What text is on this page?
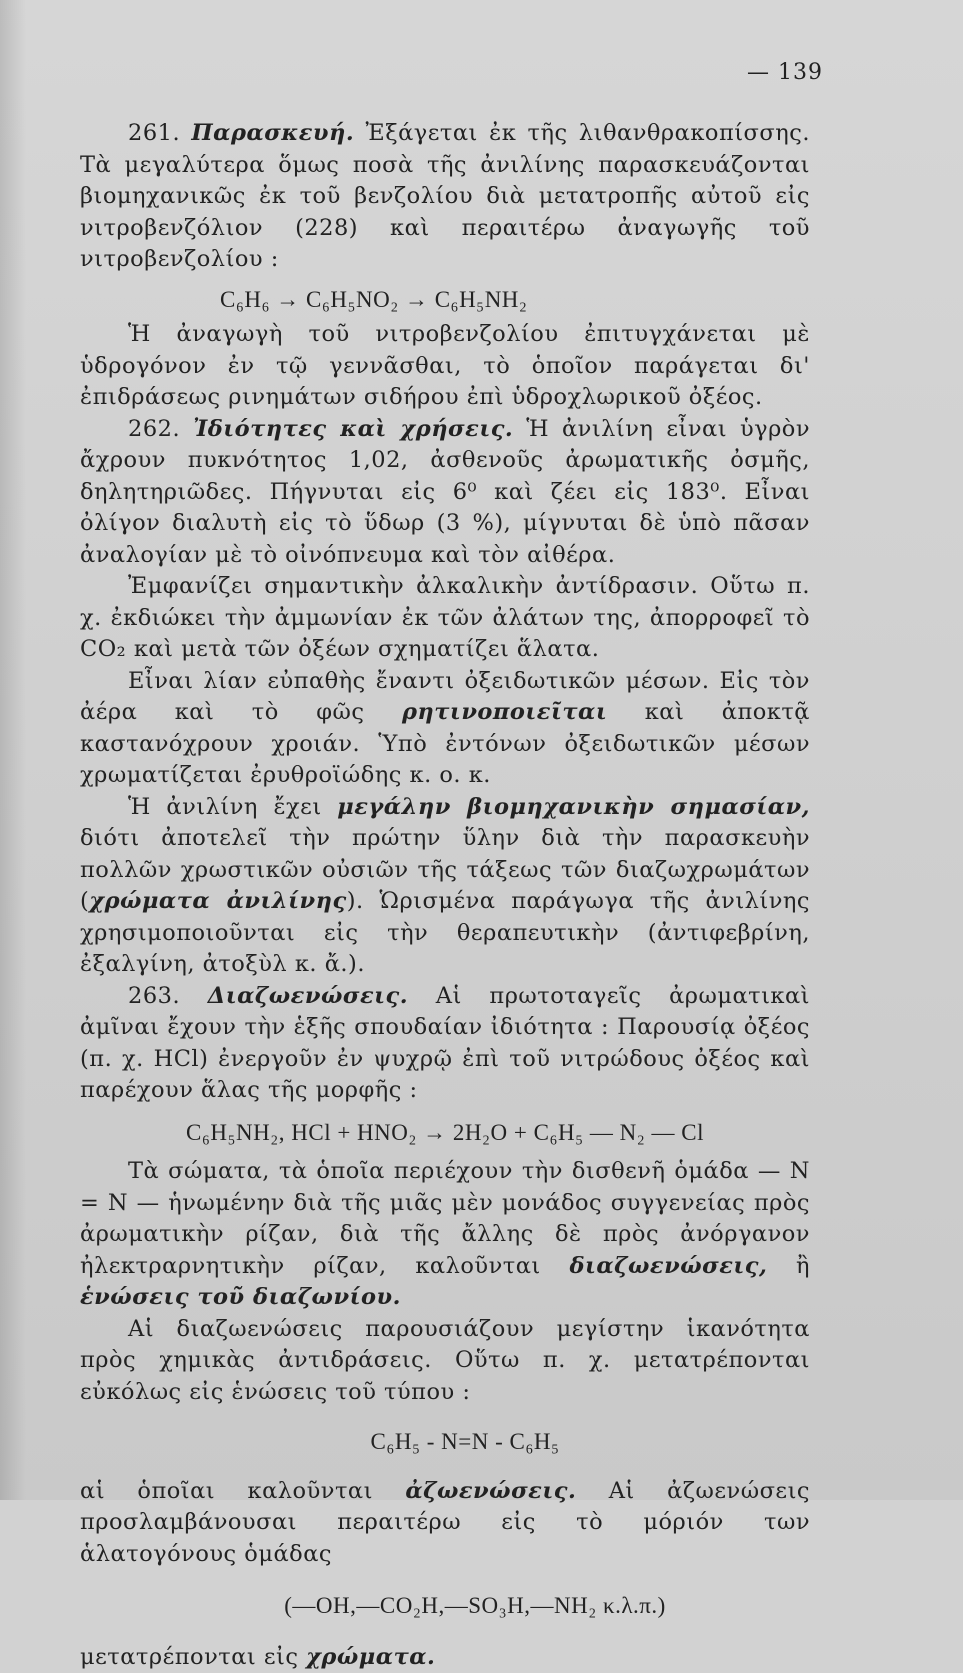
— 139

261. Παρασκευή. Ἐξάγεται ἐκ τῆς λιθανθρακοπίσσης. Τὰ μεγαλύτερα ὅμως ποσὰ τῆς ἀνιλίνης παρασκευάζονται βιομηχανικῶς ἐκ τοῦ βενζολίου διὰ μετατροπῆς αὐτοῦ εἰς νιτροβενζόλιον (228) καὶ περαιτέρω ἀναγωγῆς τοῦ νιτροβενζολίου :

C₆H₆ → C₆H₅NO₂ → C₆H₅NH₂

Ἡ ἀναγωγὴ τοῦ νιτροβενζολίου ἐπιτυγχάνεται μὲ ὑδρογόνον ἐν τῷ γεννᾶσθαι, τὸ ὁποῖον παράγεται δι' ἐπιδράσεως ρινημάτων σιδήρου ἐπὶ ὑδροχλωρικοῦ ὀξέος.

262. Ἰδιότητες καὶ χρήσεις. Ἡ ἀνιλίνη εἶναι ὑγρὸν ἄχρουν πυκνότητος 1,02, ἀσθενοῦς ἀρωματικῆς ὀσμῆς, δηλητηριῶδες. Πήγνυται εἰς 6⁰ καὶ ζέει εἰς 183⁰. Εἶναι ὀλίγον διαλυτὴ εἰς τὸ ὕδωρ (3 %), μίγνυται δὲ ὑπὸ πᾶσαν ἀναλογίαν μὲ τὸ οἰνόπνευμα καὶ τὸν αἰθέρα.

Ἐμφανίζει σημαντικὴν ἀλκαλικὴν ἀντίδρασιν. Οὕτω π. χ. ἐκδιώκει τὴν ἀμμωνίαν ἐκ τῶν ἀλάτων της, ἀπορροφεῖ τὸ CO₂ καὶ μετὰ τῶν ὀξέων σχηματίζει ἅλατα.

Εἶναι λίαν εὐπαθὴς ἔναντι ὀξειδωτικῶν μέσων. Εἰς τὸν ἀέρα καὶ τὸ φῶς ρητινοποιεῖται καὶ ἀποκτᾷ καστανόχρουν χροιάν. Ὑπὸ ἐντόνων ὀξειδωτικῶν μέσων χρωματίζεται ἐρυθροϊώδης κ. ο. κ.

Ἡ ἀνιλίνη ἔχει μεγάλην βιομηχανικὴν σημασίαν, διότι ἀποτελεῖ τὴν πρώτην ὕλην διὰ τὴν παρασκευὴν πολλῶν χρωστικῶν οὐσιῶν τῆς τάξεως τῶν διαζωχρωμάτων (χρώματα ἀνιλίνης). Ὡρισμένα παράγωγα τῆς ἀνιλίνης χρησιμοποιοῦνται εἰς τὴν θεραπευτικὴν (ἀντιφεβρίνη, ἐξαλγίνη, ἀτοξὺλ κ. ἄ.).

263. Διαζωενώσεις. Αἱ πρωτοταγεῖς ἀρωματικαὶ ἀμῖναι ἔχουν τὴν ἑξῆς σπουδαίαν ἰδιότητα : Παρουσίᾳ ὀξέος (π. χ. HCl) ἐνεργοῦν ἐν ψυχρῷ ἐπὶ τοῦ νιτρώδους ὀξέος καὶ παρέχουν ἅλας τῆς μορφῆς :

C₆H₅NH₂, HCl + HNO₂ → 2H₂O + C₆H₅ — N₂ — Cl

Τὰ σώματα, τὰ ὁποῖα περιέχουν τὴν δισθενῆ ὁμάδα — N = N — ἡνωμένην διὰ τῆς μιᾶς μὲν μονάδος συγγενείας πρὸς ἀρωματικὴν ρίζαν, διὰ τῆς ἄλλης δὲ πρὸς ἀνόργανον ἠλεκτραρνητικὴν ρίζαν, καλοῦνται διαζωενώσεις, ἢ ἑνώσεις τοῦ διαζωνίου.

Αἱ διαζωενώσεις παρουσιάζουν μεγίστην ἱκανότητα πρὸς χημικὰς ἀντιδράσεις. Οὕτω π. χ. μετατρέπονται εὐκόλως εἰς ἑνώσεις τοῦ τύπου :

C₆H₅ - N=N - C₆H₅

αἱ ὁποῖαι καλοῦνται ἀζωενώσεις. Αἱ ἀζωενώσεις προσλαμβάνουσαι περαιτέρω εἰς τὸ μόριόν των ἁλατογόνους ὁμάδας

(—OH,—CO₂H,—SO₃H,—NH₂ κ.λ.π.)

μετατρέπονται εἰς χρώματα.
